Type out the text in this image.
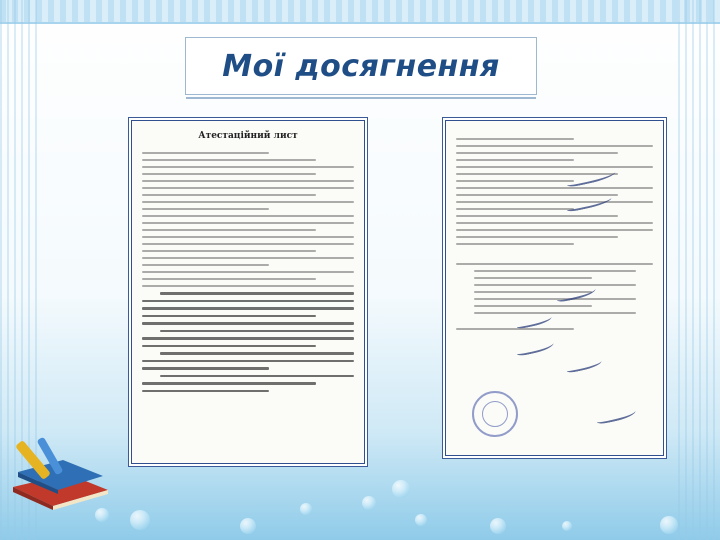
Мої досягнення
Атестаційний лист
